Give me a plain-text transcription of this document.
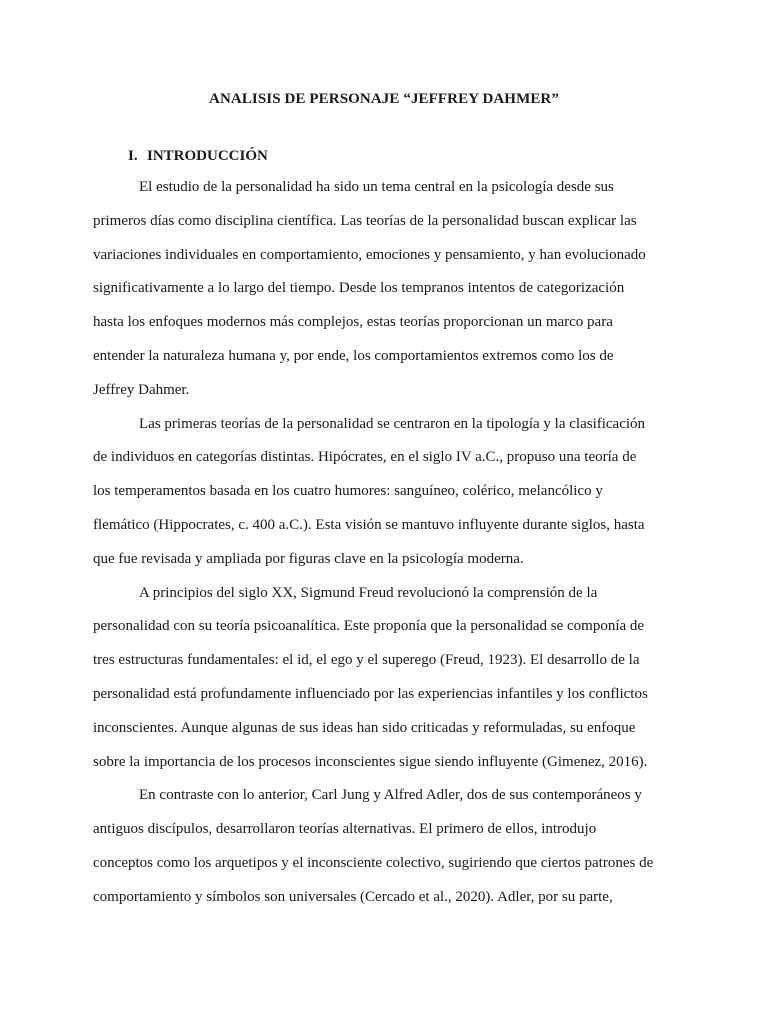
ANALISIS DE PERSONAJE “JEFFREY DAHMER”
I. INTRODUCCIÓN
El estudio de la personalidad ha sido un tema central en la psicología desde sus
primeros días como disciplina científica. Las teorías de la personalidad buscan explicar las
variaciones individuales en comportamiento, emociones y pensamiento, y han evolucionado
significativamente a lo largo del tiempo. Desde los tempranos intentos de categorización
hasta los enfoques modernos más complejos, estas teorías proporcionan un marco para
entender la naturaleza humana y, por ende, los comportamientos extremos como los de
Jeffrey Dahmer.
Las primeras teorías de la personalidad se centraron en la tipología y la clasificación
de individuos en categorías distintas. Hipócrates, en el siglo IV a.C., propuso una teoría de
los temperamentos basada en los cuatro humores: sanguíneo, colérico, melancólico y
flemático (Hippocrates, c. 400 a.C.). Esta visión se mantuvo influyente durante siglos, hasta
que fue revisada y ampliada por figuras clave en la psicología moderna.
A principios del siglo XX, Sigmund Freud revolucionó la comprensión de la
personalidad con su teoría psicoanalítica. Este proponía que la personalidad se componía de
tres estructuras fundamentales: el id, el ego y el superego (Freud, 1923). El desarrollo de la
personalidad está profundamente influenciado por las experiencias infantiles y los conflictos
inconscientes. Aunque algunas de sus ideas han sido criticadas y reformuladas, su enfoque
sobre la importancia de los procesos inconscientes sigue siendo influyente (Gimenez, 2016).
En contraste con lo anterior, Carl Jung y Alfred Adler, dos de sus contemporáneos y
antiguos discípulos, desarrollaron teorías alternativas. El primero de ellos, introdujo
conceptos como los arquetipos y el inconsciente colectivo, sugiriendo que ciertos patrones de
comportamiento y símbolos son universales (Cercado et al., 2020). Adler, por su parte,
